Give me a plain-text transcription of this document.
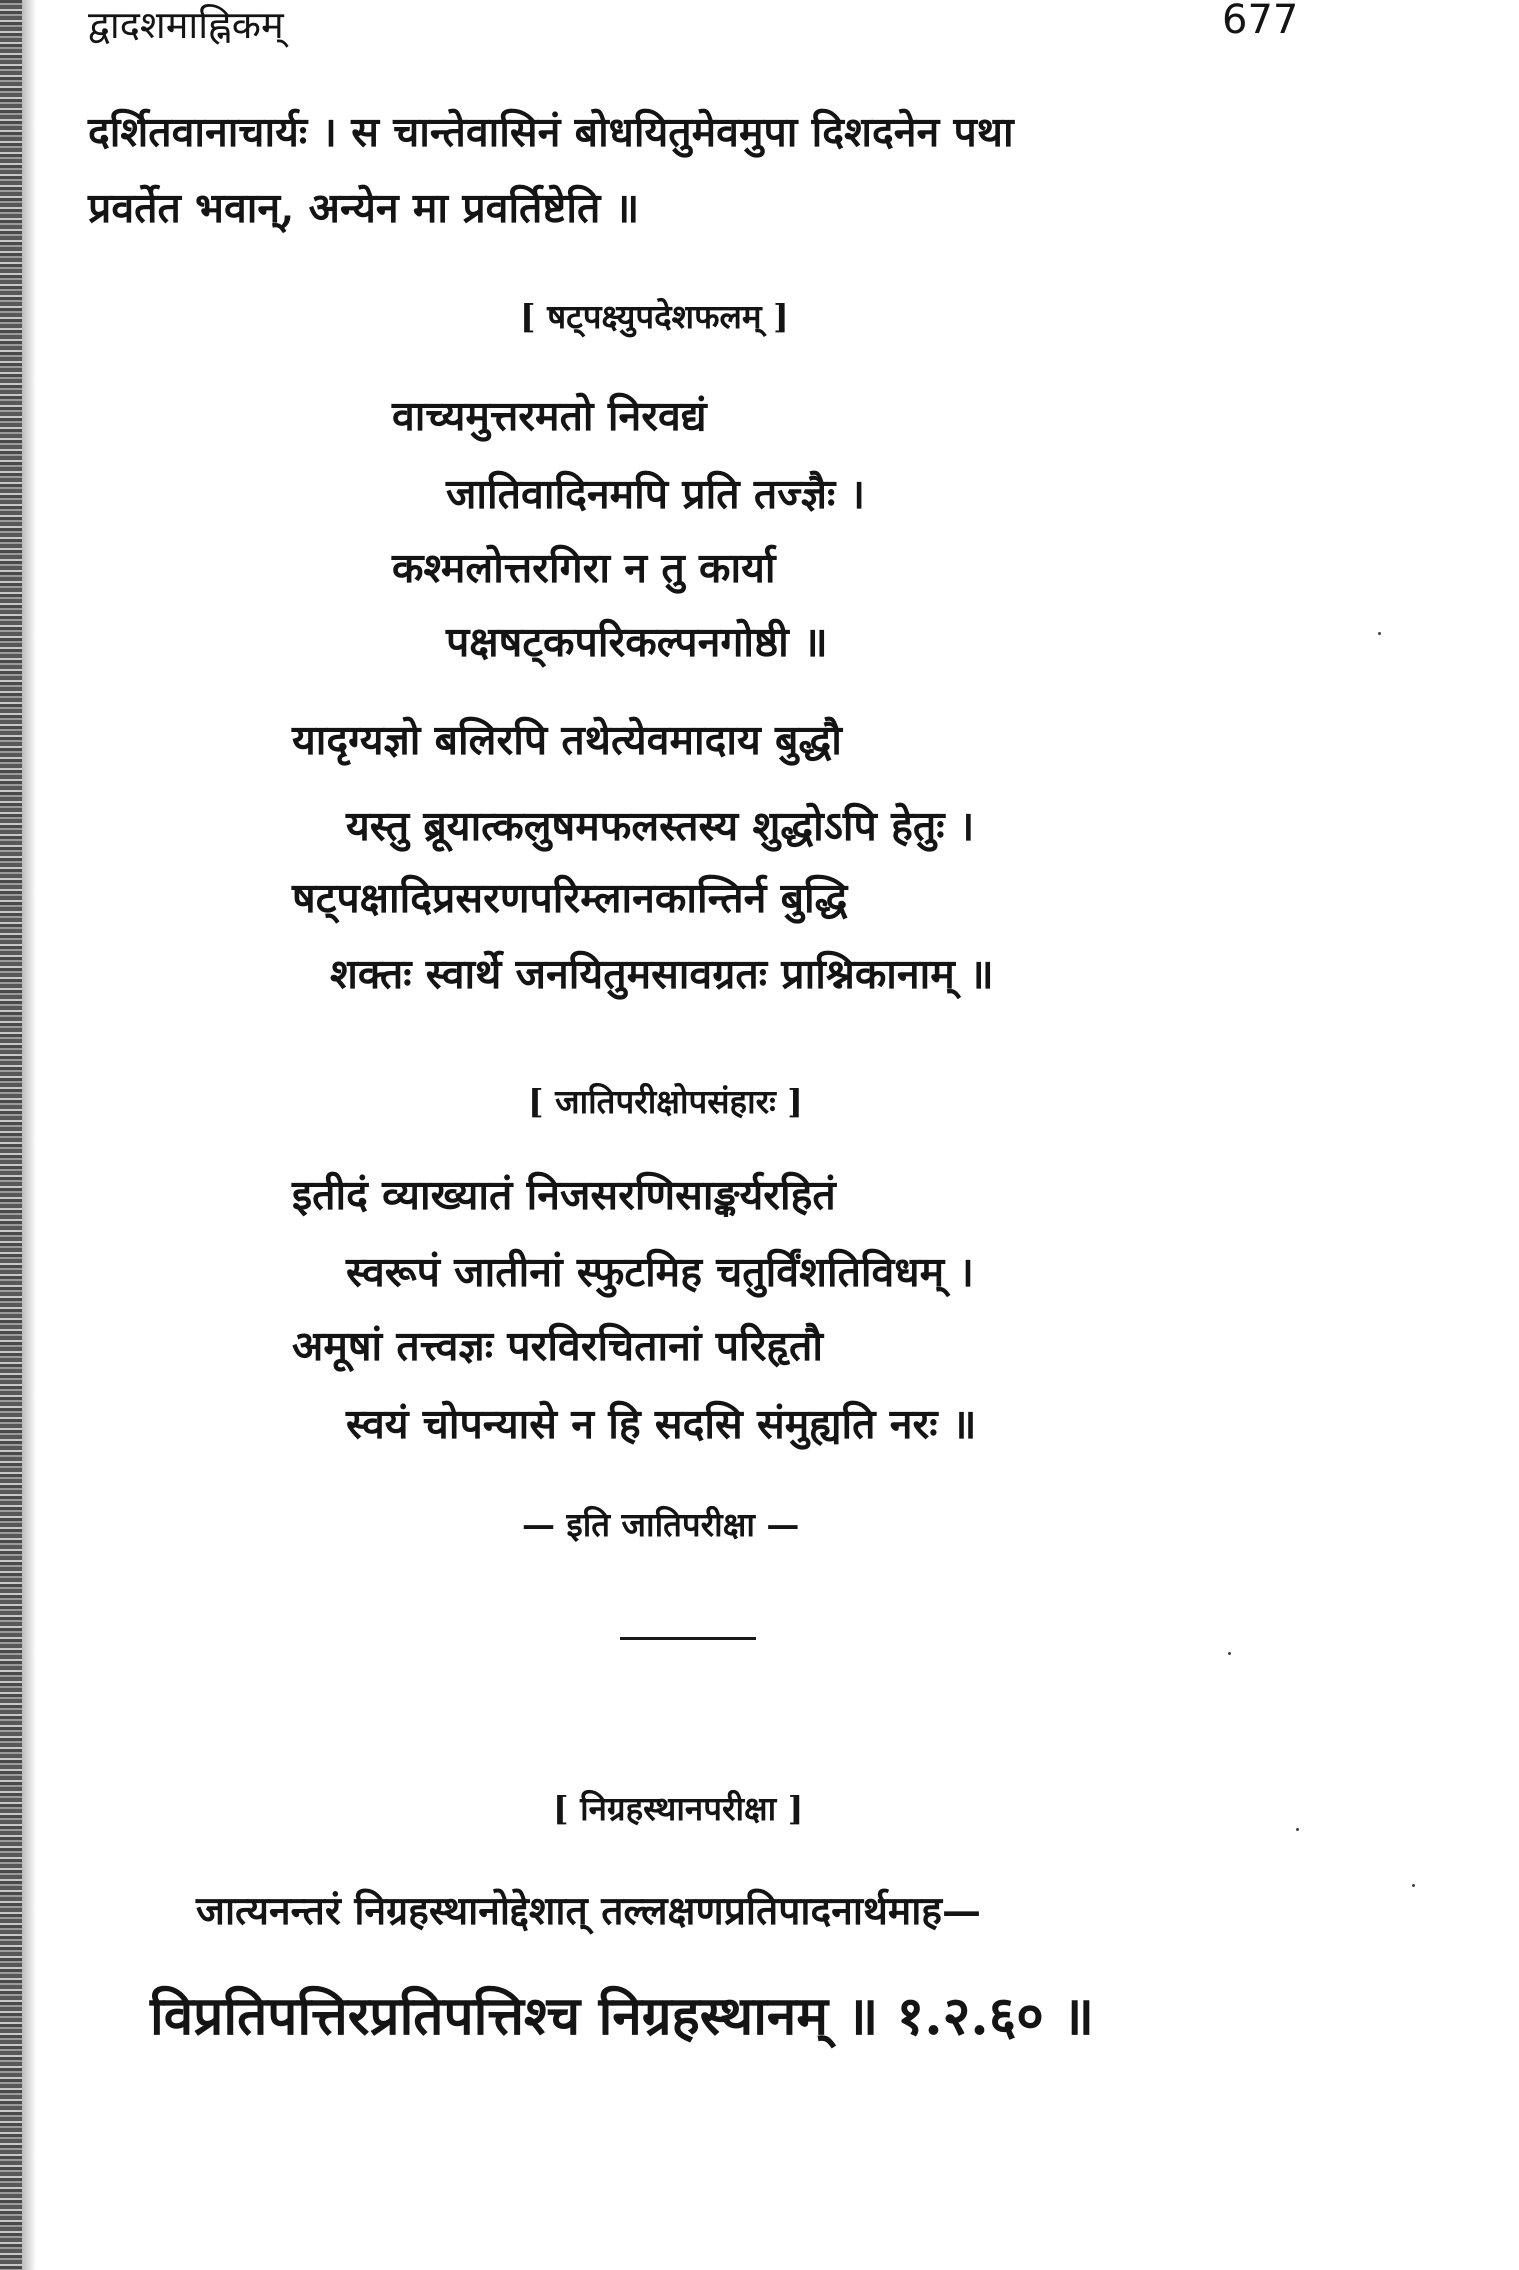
द्वादशमाह्निकम्	677
दर्शितवानाचार्यः । स चान्तेवासिनं बोधयितुमेवमुपा दिशदनेन पथा
प्रवर्तेत भवान्, अन्येन मा प्रवर्तिष्टेति ॥
[ षट्पक्ष्युपदेशफलम् ]
वाच्यमुत्तरमतो निरवद्यं
जातिवादिनमपि प्रति तज्ज्ञैः ।
कश्मलोत्तरगिरा न तु कार्या
पक्षषट्कपरिकल्पनगोष्ठी ॥
यादृग्यज्ञो बलिरपि तथेत्येवमादाय बुद्धौ
यस्तु ब्रूयात्कलुषमफलस्तस्य शुद्धोऽपि हेतुः ।
षट्पक्षादिप्रसरणपरिम्लानकान्तिर्न बुद्धि
शक्तः स्वार्थे जनयितुमसावग्रतः प्राश्निकानाम् ॥
[ जातिपरीक्षोपसंहारः ]
इतीदं व्याख्यातं निजसरणिसाङ्कर्यरहितं
स्वरूपं जातीनां स्फुटमिह चतुर्विंशतिविधम् ।
अमूषां तत्त्वज्ञः परविरचितानां परिहृतौ
स्वयं चोपन्यासे न हि सदसि संमुह्यति नरः ॥
— इति जातिपरीक्षा —
[ निग्रहस्थानपरीक्षा ]
जात्यनन्तरं निग्रहस्थानोद्देशात् तल्लक्षणप्रतिपादनार्थमाह—
विप्रतिपत्तिरप्रतिपत्तिश्च निग्रहस्थानम् ॥ १.२.६० ॥
